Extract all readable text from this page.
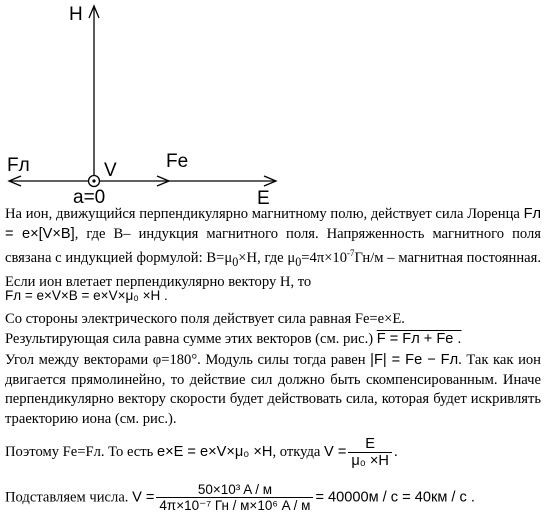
H
Fл	V	Fe
a=0	E
На ион, движущийся перпендикулярно магнитному полю, действует сила Лоренца Fл = e×[V×B], где B– индукция магнитного поля. Напряженность магнитного поля связана с индукцией формулой: $B=\mu_0\times H$, где $\mu_0=4\pi\times 10^{-7}Гн/м$ – магнитная постоянная. Если ион влетает перпендикулярно вектору H, то
Fл = e×V×B = e×V×μ₀ ×H .
Со стороны электрического поля действует сила равная Fe=e×E.
Результирующая сила равна сумме этих векторов (см. рис.) F = Fл + Fe .
Угол между векторами φ=180°. Модуль силы тогда равен |F| = Fe − Fл. Так как ион двигается прямолинейно, то действие сил должно быть скомпенсированным. Иначе перпендикулярно вектору скорости будет действовать сила, которая будет искривлять траекторию иона (см. рис.).
Поэтому Fe=Fл. То есть e×E = e×V×μ₀ ×H, откуда $V = \frac{E}{\text{μ₀ ×H}}$ .
Подставляем числа. $V = \frac{\text{50×10³ A / м}}{\text{4π×10⁻⁷ Гн / м×10⁶ A / м}} = 40000м / c = 40км / c$ .
